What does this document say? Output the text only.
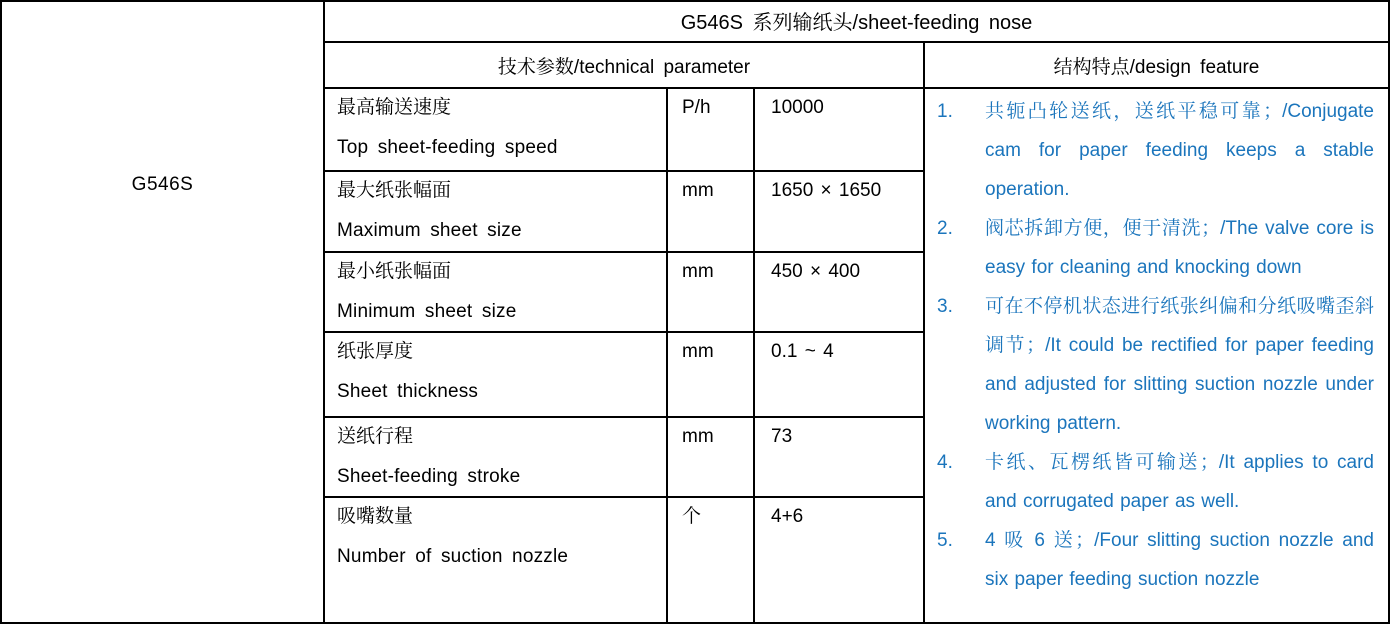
G546S
G546S 系列输纸头/sheet-feeding nose
技术参数/technical parameter	结构特点/design feature
最高输送速度
Top sheet-feeding speed
P/h	10000
最大纸张幅面
Maximum sheet size
mm	1650 × 1650
最小纸张幅面
Minimum sheet size
mm	450 × 400
纸张厚度
Sheet thickness
mm	0.1 ~ 4
送纸行程
Sheet-feeding stroke
mm	73
吸嘴数量
Number of suction nozzle
个	4+6
1. 共轭凸轮送纸，送纸平稳可靠；/Conjugate cam for paper feeding keeps a stable operation.
2. 阀芯拆卸方便，便于清洗；/The valve core is easy for cleaning and knocking down
3. 可在不停机状态进行纸张纠偏和分纸吸嘴歪斜调节；/It could be rectified for paper feeding and adjusted for slitting suction nozzle under working pattern.
4. 卡纸、瓦楞纸皆可输送；/It applies to card and corrugated paper as well.
5. 4 吸 6 送；/Four slitting suction nozzle and six paper feeding suction nozzle
